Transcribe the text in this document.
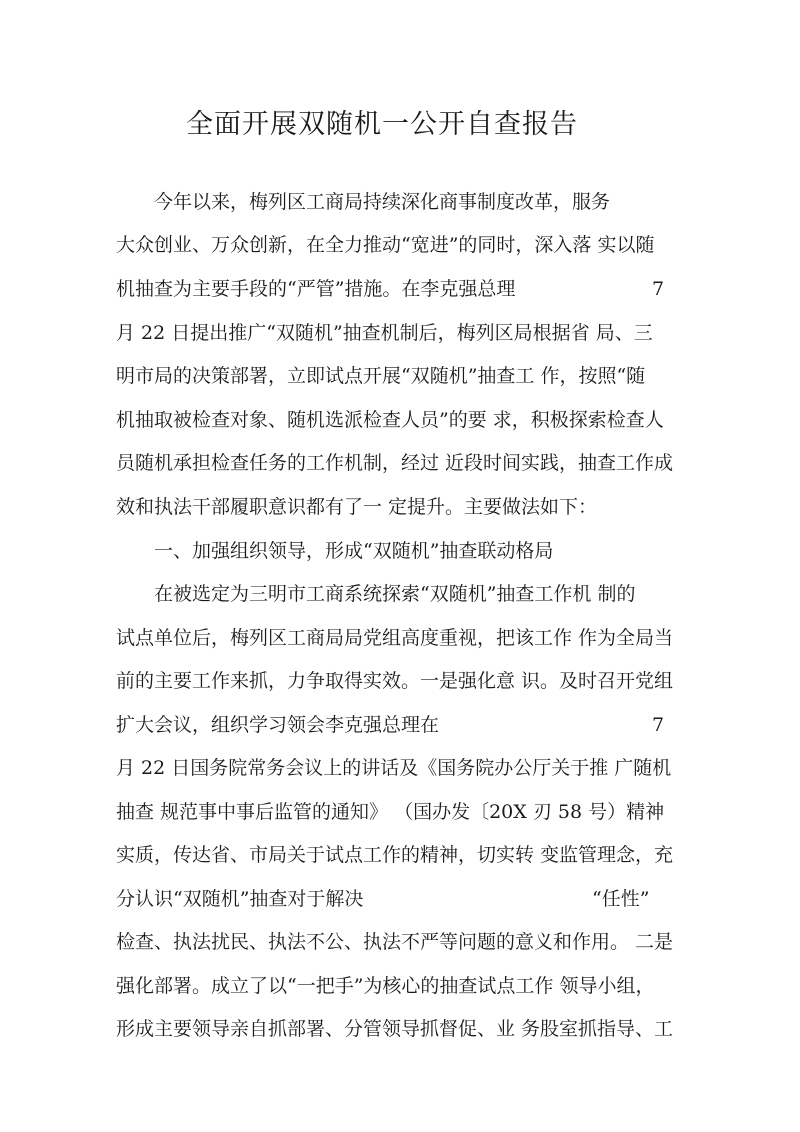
全面开展双随机一公开自查报告
今年以来，梅列区工商局持续深化商事制度改革，服务
大众创业、万众创新，在全力推动“宽进”的同时，深入落 实以随
机抽查为主要手段的“严管”措施。在李克强总理	7
月 22 日提出推广“双随机”抽查机制后，梅列区局根据省 局、三
明市局的决策部署，立即试点开展“双随机”抽查工 作，按照“随
机抽取被检查对象、随机选派检查人员”的要 求，积极探索检查人
员随机承担检查任务的工作机制，经过 近段时间实践，抽查工作成
效和执法干部履职意识都有了一 定提升。主要做法如下：
一、加强组织领导，形成“双随机”抽查联动格局
在被选定为三明市工商系统探索“双随机”抽查工作机 制的
试点单位后，梅列区工商局局党组高度重视，把该工作 作为全局当
前的主要工作来抓，力争取得实效。一是强化意 识。及时召开党组
扩大会议，组织学习领会李克强总理在	7
月 22 日国务院常务会议上的讲话及《国务院办公厅关于推 广随机
抽查 规范事中事后监管的通知》 （国办发〔20X 刃 58 号）精神
实质，传达省、市局关于试点工作的精神，切实转 变监管理念，充
分认识“双随机”抽查对于解决	“任性”
检查、执法扰民、执法不公、执法不严等问题的意义和作用。 二是
强化部署。成立了以“一把手”为核心的抽查试点工作 领导小组，
形成主要领导亲自抓部署、分管领导抓督促、业 务股室抓指导、工
